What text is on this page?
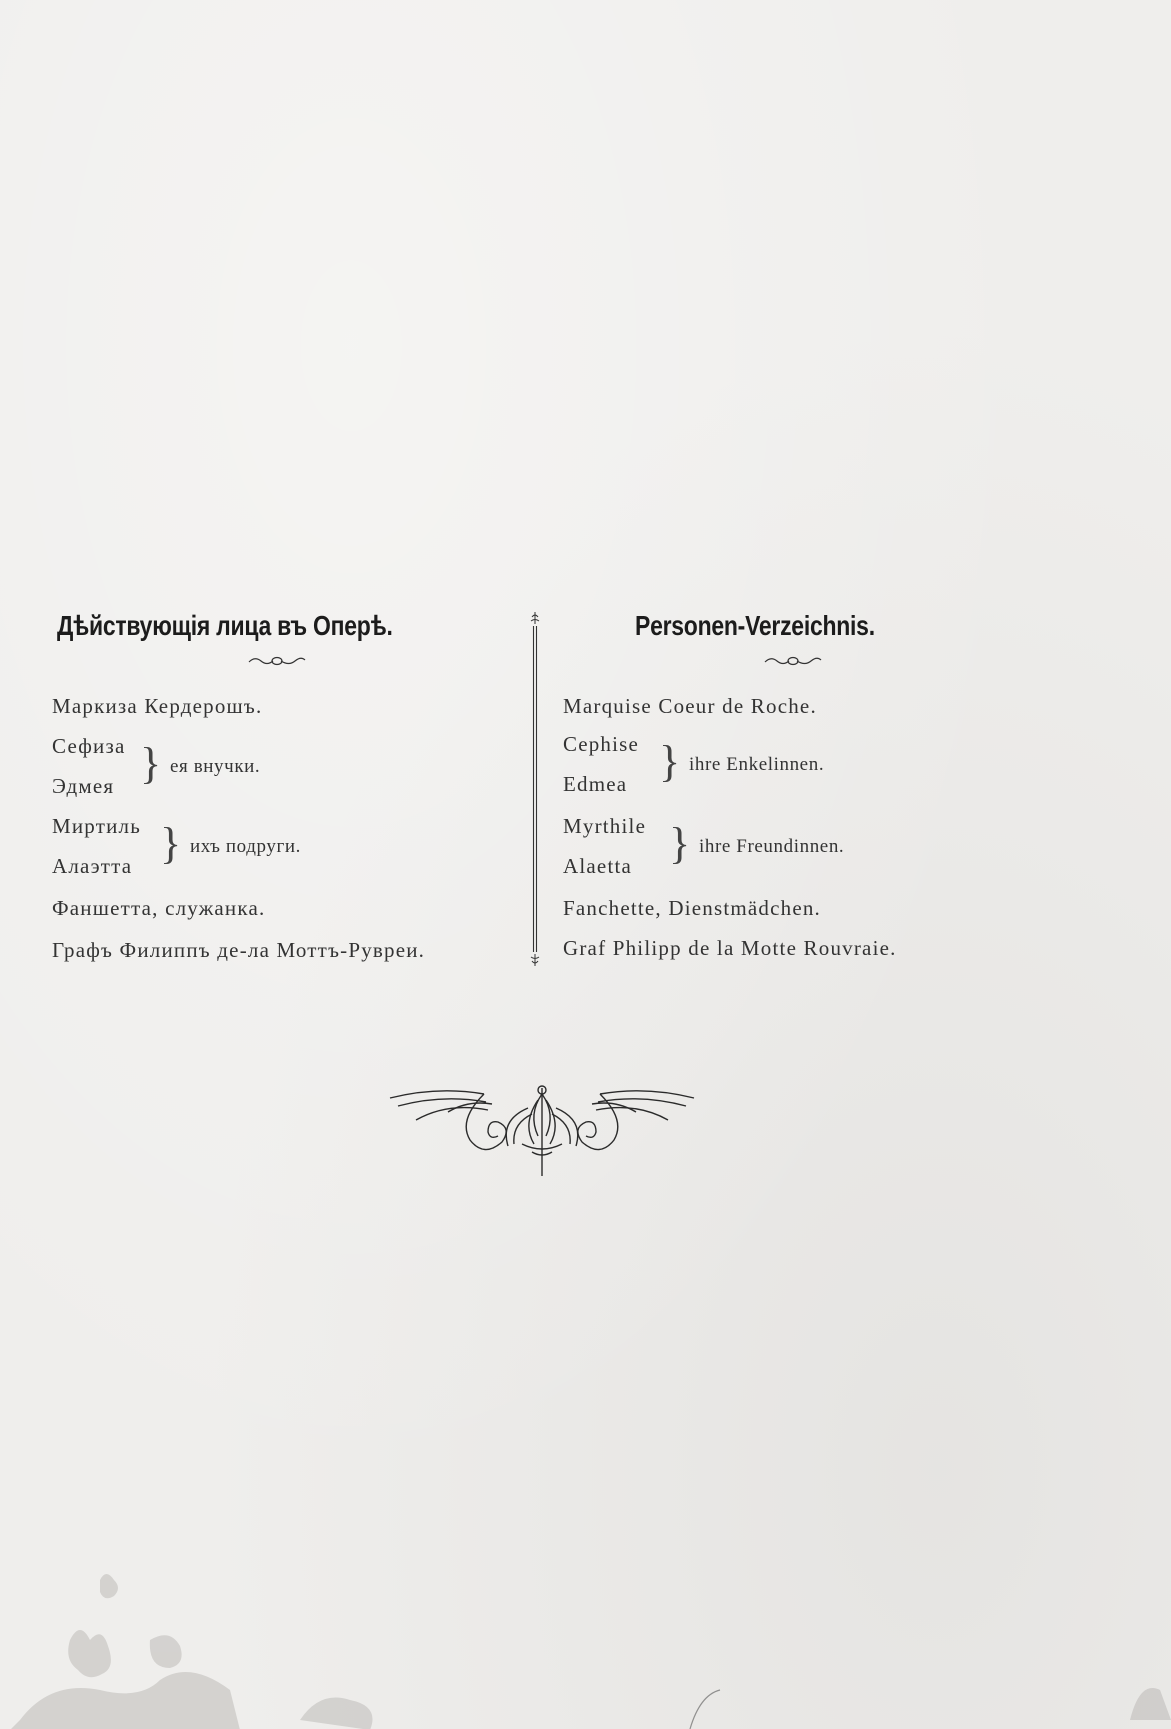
Дѣйствующія лица въ Оперѣ.
Маркиза Кердерошъ.
Сефиза
Эдмея } ея внучки.
Миртиль
Алаэтта } ихъ подруги.
Фаншетта, служанка.
Графъ Филиппъ де-ла Моттъ-Рувреи.
Personen-Verzeichnis.
Marquise Coeur de Roche.
Cephise
Edmea } ihre Enkelinnen.
Myrthile
Alaetta } ihre Freundinnen.
Fanchette, Dienstmädchen.
Graf Philipp de la Motte Rouvraie.
